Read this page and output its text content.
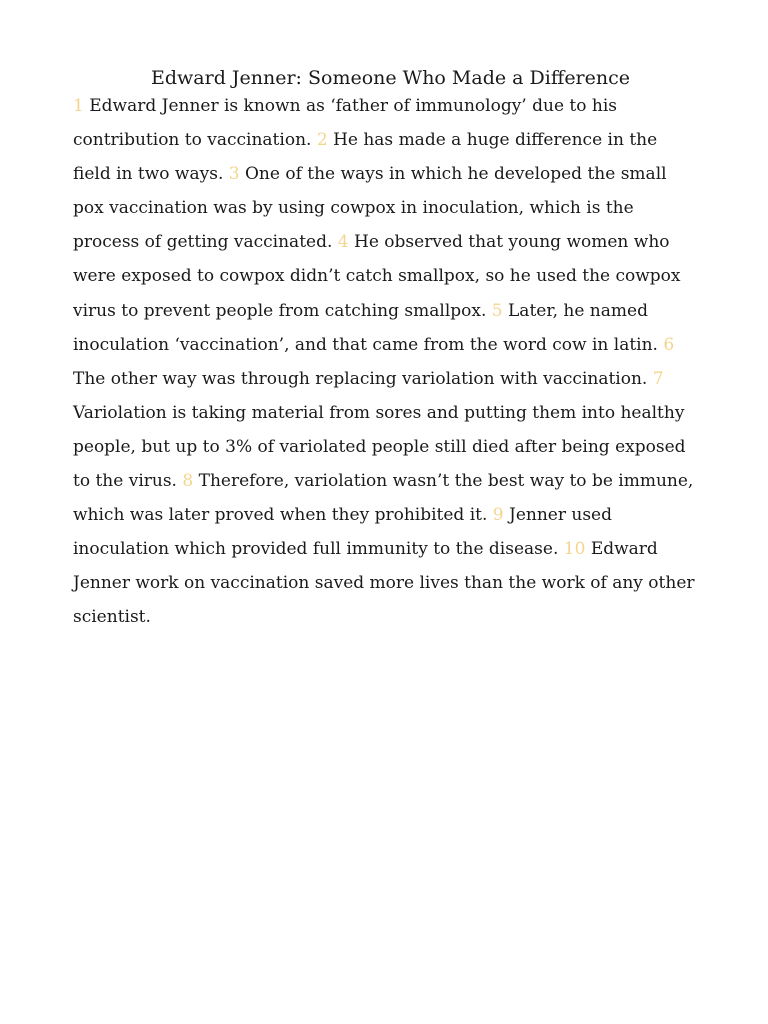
Edward Jenner: Someone Who Made a Difference

1 Edward Jenner is known as ‘father of immunology’ due to his contribution to vaccination. 2 He has made a huge difference in the field in two ways. 3 One of the ways in which he developed the small pox vaccination was by using cowpox in inoculation, which is the process of getting vaccinated. 4 He observed that young women who were exposed to cowpox didn’t catch smallpox, so he used the cowpox virus to prevent people from catching smallpox. 5 Later, he named inoculation ‘vaccination’, and that came from the word cow in latin. 6 The other way was through replacing variolation with vaccination. 7 Variolation is taking material from sores and putting them into healthy people, but up to 3% of variolated people still died after being exposed to the virus. 8 Therefore, variolation wasn’t the best way to be immune, which was later proved when they prohibited it. 9 Jenner used inoculation which provided full immunity to the disease. 10 Edward Jenner work on vaccination saved more lives than the work of any other scientist.
